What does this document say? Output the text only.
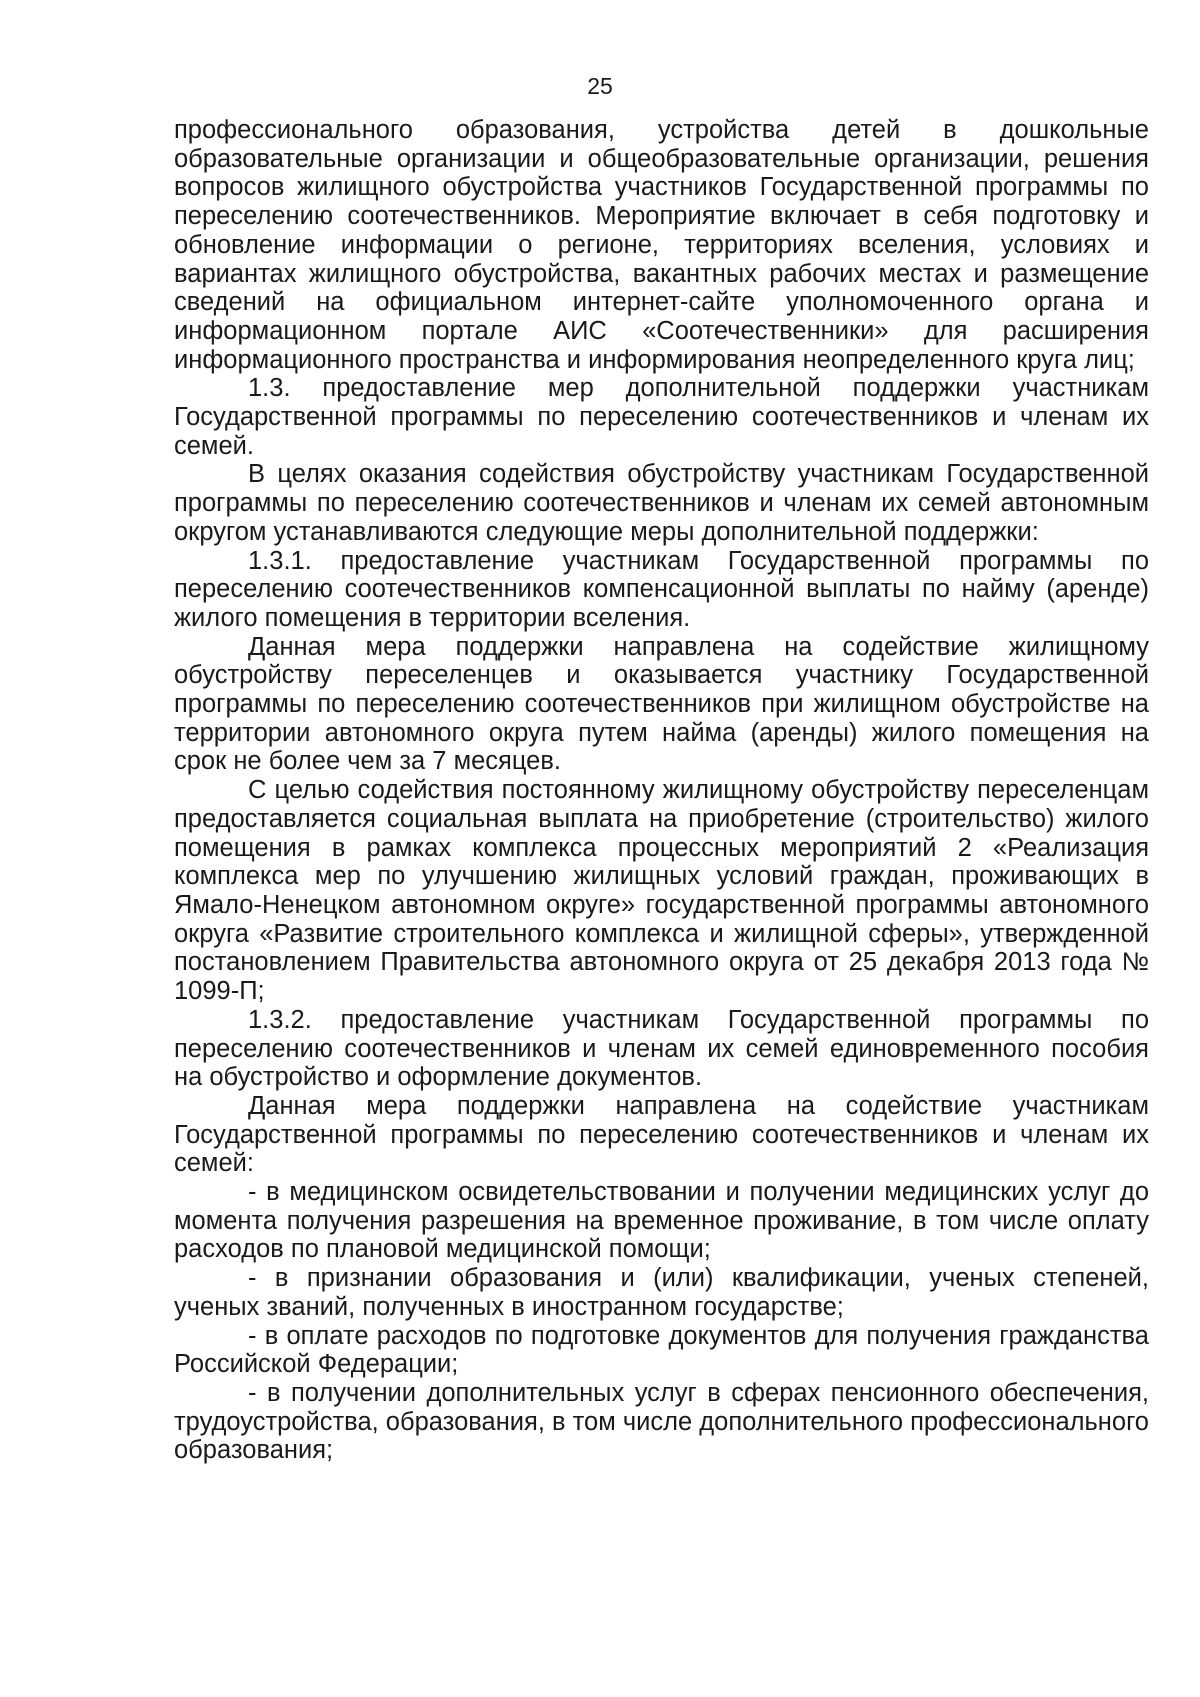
25

профессионального образования, устройства детей в дошкольные образовательные организации и общеобразовательные организации, решения вопросов жилищного обустройства участников Государственной программы по переселению соотечественников. Мероприятие включает в себя подготовку и обновление информации о регионе, территориях вселения, условиях и вариантах жилищного обустройства, вакантных рабочих местах и размещение сведений на официальном интернет-сайте уполномоченного органа и информационном портале АИС «Соотечественники» для расширения информационного пространства и информирования неопределенного круга лиц;

1.3. предоставление мер дополнительной поддержки участникам Государственной программы по переселению соотечественников и членам их семей.

В целях оказания содействия обустройству участникам Государственной программы по переселению соотечественников и членам их семей автономным округом устанавливаются следующие меры дополнительной поддержки:

1.3.1. предоставление участникам Государственной программы по переселению соотечественников компенсационной выплаты по найму (аренде) жилого помещения в территории вселения.

Данная мера поддержки направлена на содействие жилищному обустройству переселенцев и оказывается участнику Государственной программы по переселению соотечественников при жилищном обустройстве на территории автономного округа путем найма (аренды) жилого помещения на срок не более чем за 7 месяцев.

С целью содействия постоянному жилищному обустройству переселенцам предоставляется социальная выплата на приобретение (строительство) жилого помещения в рамках комплекса процессных мероприятий 2 «Реализация комплекса мер по улучшению жилищных условий граждан, проживающих в Ямало-Ненецком автономном округе» государственной программы автономного округа «Развитие строительного комплекса и жилищной сферы», утвержденной постановлением Правительства автономного округа от 25 декабря 2013 года № 1099-П;

1.3.2. предоставление участникам Государственной программы по переселению соотечественников и членам их семей единовременного пособия на обустройство и оформление документов.

Данная мера поддержки направлена на содействие участникам Государственной программы по переселению соотечественников и членам их семей:

- в медицинском освидетельствовании и получении медицинских услуг до момента получения разрешения на временное проживание, в том числе оплату расходов по плановой медицинской помощи;

- в признании образования и (или) квалификации, ученых степеней, ученых званий, полученных в иностранном государстве;

- в оплате расходов по подготовке документов для получения гражданства Российской Федерации;

- в получении дополнительных услуг в сферах пенсионного обеспечения, трудоустройства, образования, в том числе дополнительного профессионального образования;
